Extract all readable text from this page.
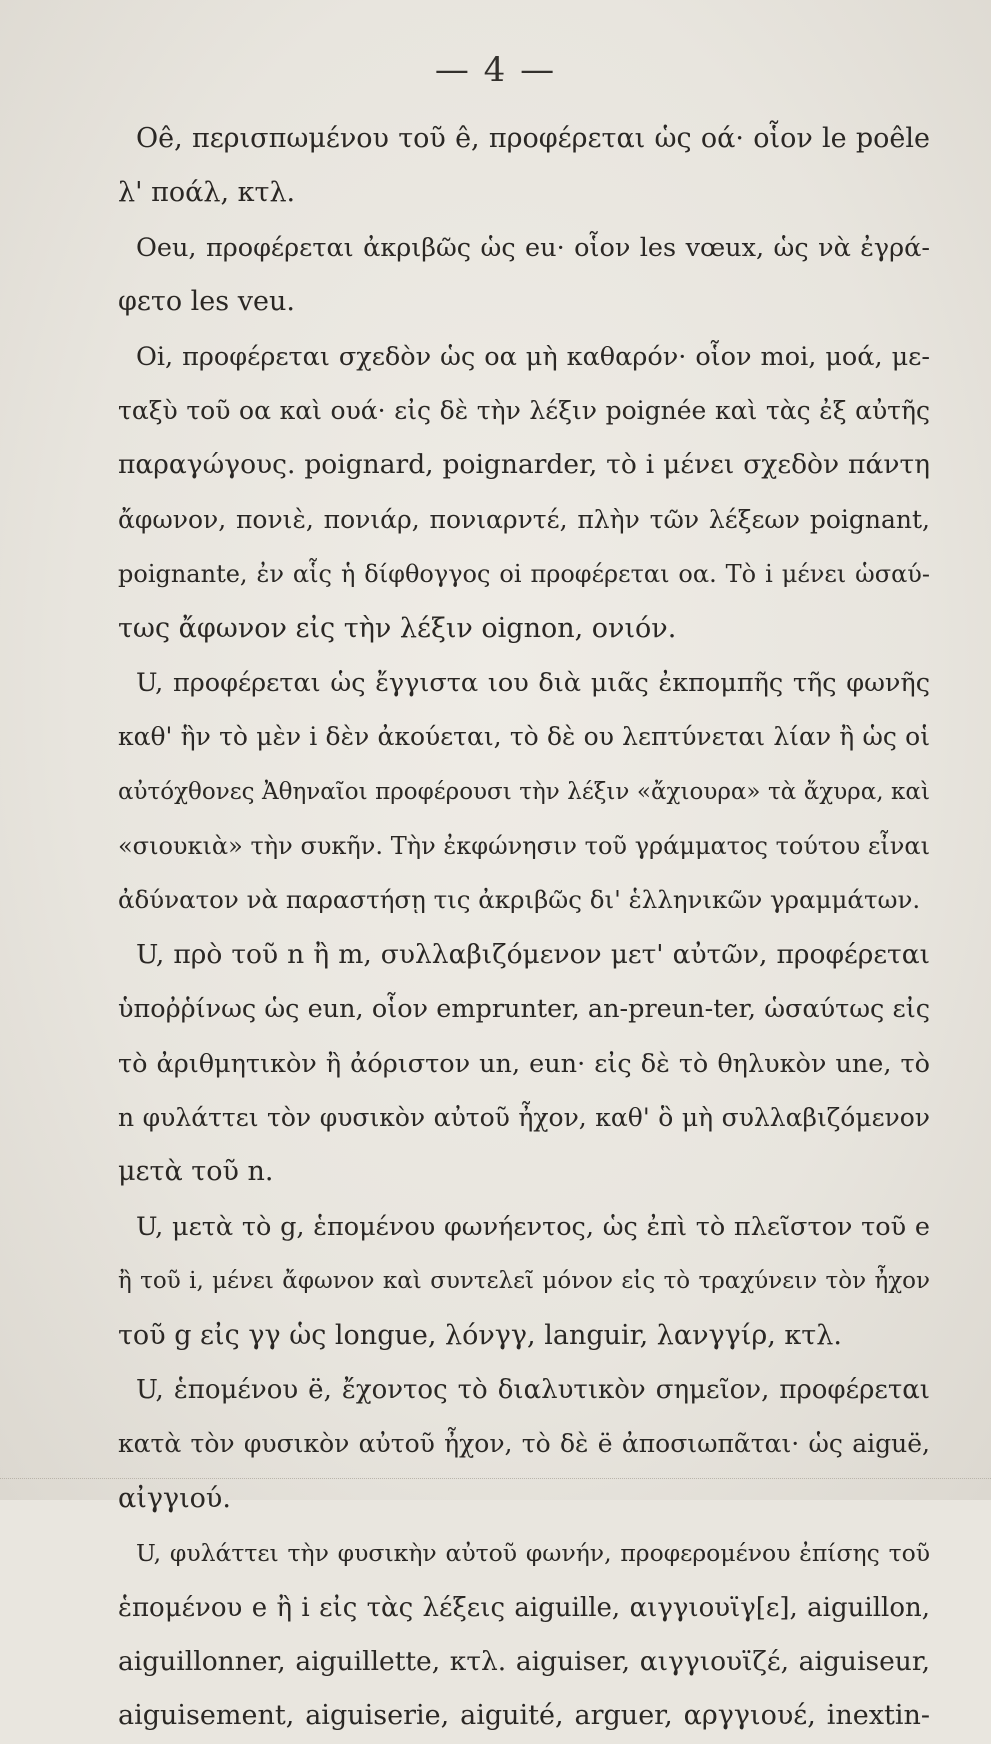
— 4 —
Oê, περισπωμένου τοῦ ê, προφέρεται ὡς οά· οἷον le poêle
λ' ποάλ, κτλ.
Oeu, προφέρεται ἀκριβῶς ὡς eu· οἷον les vœux, ὡς νὰ ἐγρά-
φετο les veu.
Oi, προφέρεται σχεδὸν ὡς οα μὴ καθαρόν· οἷον moi, μοά, με-
ταξὺ τοῦ οα καὶ ουά· εἰς δὲ τὴν λέξιν poignée καὶ τὰς ἐξ αὐτῆς
παραγώγους. poignard, poignarder, τὸ i μένει σχεδὸν πάντη
ἄφωνον, πονιὲ, πονιάρ, πονιαρντέ, πλὴν τῶν λέξεων poignant,
poignante, ἐν αἷς ἡ δίφθογγος oi προφέρεται οα. Τὸ i μένει ὡσαύ-
τως ἄφωνον εἰς τὴν λέξιν oignon, ονιόν.
U, προφέρεται ὡς ἔγγιστα ιου διὰ μιᾶς ἐκπομπῆς τῆς φωνῆς
καθ' ἣν τὸ μὲν i δὲν ἀκούεται, τὸ δὲ ου λεπτύνεται λίαν ἢ ὡς οἱ
αὐτόχθονες Ἀθηναῖοι προφέρουσι τὴν λέξιν «ἄχιουρα» τὰ ἄχυρα, καὶ
«σιουκιὰ» τὴν συκῆν. Τὴν ἐκφώνησιν τοῦ γράμματος τούτου εἶναι
ἀδύνατον νὰ παραστήσῃ τις ἀκριβῶς δι' ἑλληνικῶν γραμμάτων.
U, πρὸ τοῦ n ἢ m, συλλαβιζόμενον μετ' αὐτῶν, προφέρεται
ὑποῤῥίνως ὡς eun, οἷον emprunter, an-preun-ter, ὡσαύτως εἰς
τὸ ἀριθμητικὸν ἢ ἀόριστον un, eun· εἰς δὲ τὸ θηλυκὸν une, τὸ
n φυλάττει τὸν φυσικὸν αὐτοῦ ἦχον, καθ' ὃ μὴ συλλαβιζόμενον
μετὰ τοῦ n.
U, μετὰ τὸ g, ἑπομένου φωνήεντος, ὡς ἐπὶ τὸ πλεῖστον τοῦ e
ἢ τοῦ i, μένει ἄφωνον καὶ συντελεῖ μόνον εἰς τὸ τραχύνειν τὸν ἦχον
τοῦ g εἰς γγ ὡς longue, λόνγγ, languir, λανγγίρ, κτλ.
U, ἑπομένου ë, ἔχοντος τὸ διαλυτικὸν σημεῖον, προφέρεται
κατὰ τὸν φυσικὸν αὐτοῦ ἦχον, τὸ δὲ ë ἀποσιωπᾶται· ὡς aiguë,
αἰγγιού.
U, φυλάττει τὴν φυσικὴν αὐτοῦ φωνήν, προφερομένου ἐπίσης τοῦ
ἑπομένου e ἢ i εἰς τὰς λέξεις aiguille, αιγγιουϊγ[ε], aiguillon,
aiguillonner, aiguillette, κτλ. aiguiser, αιγγιουϊζέ, aiguiseur,
aiguisement, aiguiserie, aiguité, arguer, αργγιουέ, inextin-
